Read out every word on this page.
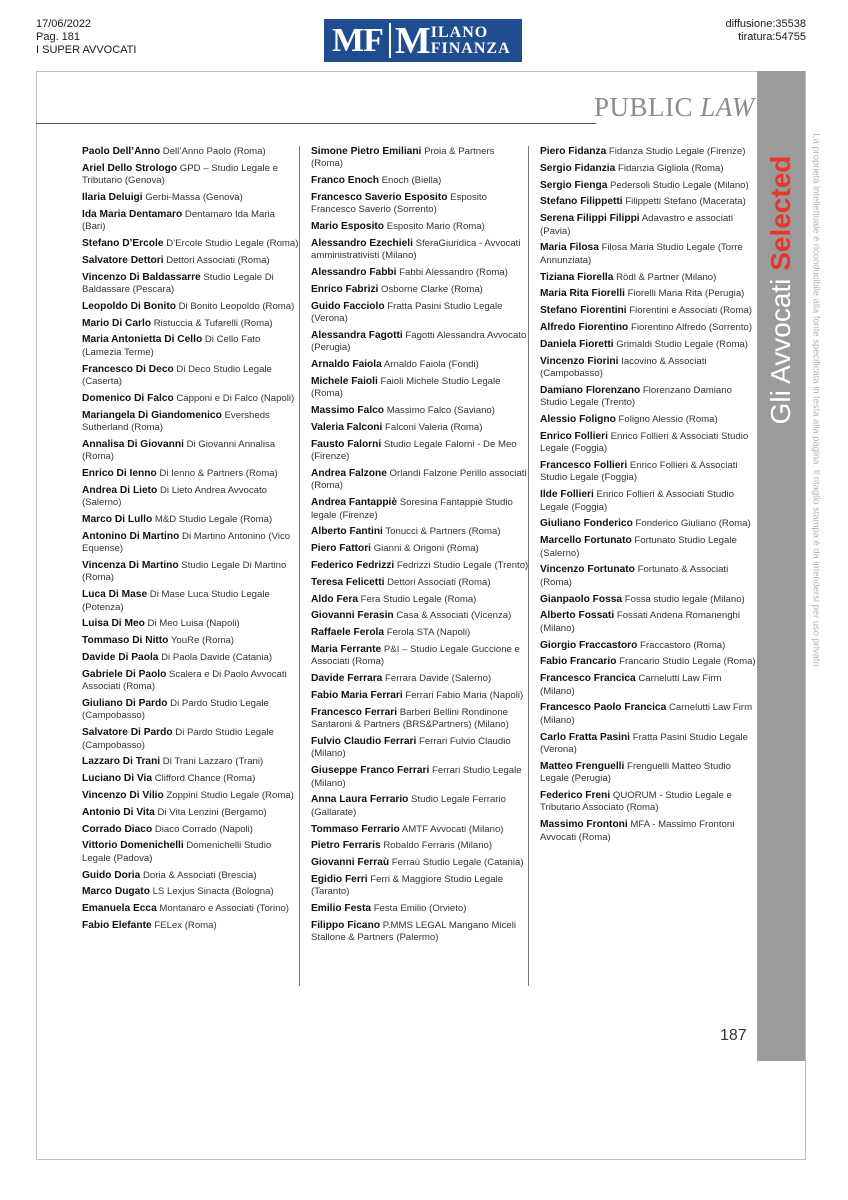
17/06/2022
Pag. 181
I SUPER AVVOCATI	MF M ILANO
FINANZA
diffusione:35538
tiratura:54755
PUBLIC LAW
Gli Avvocati Selected La proprietà intellettuale è riconducibile alla fonte specificata in testa alla pagina. Il ritaglio stampa è da intendersi per uso privato
Paolo Dell’Anno Dell’Anno Paolo (Roma)
Ariel Dello Strologo GPD – Studio Legale e Tributario (Genova)
Ilaria Deluigi Gerbi-Massa (Genova)
Ida Maria Dentamaro Dentamaro Ida Maria (Bari)
Stefano D’Ercole D’Ercole Studio Legale (Roma)
Salvatore Dettori Dettori Associati (Roma)
Vincenzo Di Baldassarre Studio Legale Di Baldassare (Pescara)
Leopoldo Di Bonito Di Bonito Leopoldo (Roma)
Mario Di Carlo Ristuccia & Tufarelli (Roma)
Maria Antonietta Di Cello Di Cello Fato (Lamezia Terme)
Francesco Di Deco Di Deco Studio Legale (Caserta)
Domenico Di Falco Capponi e Di Falco (Napoli)
Mariangela Di Giandomenico Eversheds Sutherland (Roma)
Annalisa Di Giovanni Di Giovanni Annalisa (Roma)
Enrico Di Ienno Di Ienno & Partners (Roma)
Andrea Di Lieto Di Lieto Andrea Avvocato (Salerno)
Marco Di Lullo M&D Studio Legale (Roma)
Antonino Di Martino Di Martino Antonino (Vico Equense)
Vincenza Di Martino Studio Legale Di Martino (Roma)
Luca Di Mase Di Mase Luca Studio Legale (Potenza)
Luisa Di Meo Di Meo Luisa (Napoli)
Tommaso Di Nitto YouRe (Roma)
Davide Di Paola Di Paola Davide (Catania)
Gabriele Di Paolo Scalera e Di Paolo Avvocati Associati (Roma)
Giuliano Di Pardo Di Pardo Studio Legale (Campobasso)
Salvatore Di Pardo Di Pardo Studio Legale (Campobasso)
Lazzaro Di Trani Di Trani Lazzaro (Trani)
Luciano Di Via Clifford Chance (Roma)
Vincenzo Di Vilio Zoppini Studio Legale (Roma)
Antonio Di Vita Di Vita Lenzini (Bergamo)
Corrado Diaco Diaco Corrado (Napoli)
Vittorio Domenichelli Domenichelli Studio Legale (Padova)
Guido Doria Doria & Associati (Brescia)
Marco Dugato LS Lexjus Sinacta (Bologna)
Emanuela Ecca Montanaro e Associati (Torino)
Fabio Elefante FELex (Roma)
Simone Pietro Emiliani Proia & Partners (Roma)
Franco Enoch Enoch (Biella)
Francesco Saverio Esposito Esposito Francesco Saverio (Sorrento)
Mario Esposito Esposito Mario (Roma)
Alessandro Ezechieli SferaGiuridica - Avvocati amministrativisti (Milano)
Alessandro Fabbi Fabbi Alessandro (Roma)
Enrico Fabrizi Osborne Clarke (Roma)
Guido Facciolo Fratta Pasini Studio Legale (Verona)
Alessandra Fagotti Fagotti Alessandra Avvocato (Perugia)
Arnaldo Faiola Arnaldo Faiola (Fondi)
Michele Faioli Faioli Michele Studio Legale (Roma)
Massimo Falco Massimo Falco (Saviano)
Valeria Falconi Falconi Valeria (Roma)
Fausto Falorni Studio Legale Falorni - De Meo (Firenze)
Andrea Falzone Orlandi Falzone Perillo associati (Roma)
Andrea Fantappiè Soresina Fantappiè Studio legale (Firenze)
Alberto Fantini Tonucci & Partners (Roma)
Piero Fattori Gianni & Origoni (Roma)
Federico Fedrizzi Fedrizzi Studio Legale (Trento)
Teresa Felicetti Dettori Associati (Roma)
Aldo Fera Fera Studio Legale (Roma)
Giovanni Ferasin Casa & Associati (Vicenza)
Raffaele Ferola Ferola STA (Napoli)
Maria Ferrante P&I – Studio Legale Guccione e Associati (Roma)
Davide Ferrara Ferrara Davide (Salerno)
Fabio Maria Ferrari Ferrari Fabio Maria (Napoli)
Francesco Ferrari Barberi Bellini Rondinone Santaroni & Partners (BRS&Partners) (Milano)
Fulvio Claudio Ferrari Ferrari Fulvio Claudio (Milano)
Giuseppe Franco Ferrari Ferrari Studio Legale (Milano)
Anna Laura Ferrario Studio Legale Ferrario (Gallarate)
Tommaso Ferrario AMTF Avvocati (Milano)
Pietro Ferraris Robaldo Ferraris (Milano)
Giovanni Ferraù Ferraù Studio Legale (Catania)
Egidio Ferri Ferri & Maggiore Studio Legale (Taranto)
Emilio Festa Festa Emilio (Orvieto)
Filippo Ficano P.MMS LEGAL Mangano Miceli Stallone & Partners (Palermo)
Piero Fidanza Fidanza Studio Legale (Firenze)
Sergio Fidanzia Fidanzia Gigliola (Roma)
Sergio Fienga Pedersoli Studio Legale (Milano)
Stefano Filippetti Filippetti Stefano (Macerata)
Serena Filippi Filippi Adavastro e associati (Pavia)
Maria Filosa Filosa Maria Studio Legale (Torre Annunziata)
Tiziana Fiorella Rödl & Partner (Milano)
Maria Rita Fiorelli Fiorelli Maria Rita (Perugia)
Stefano Fiorentini Fiorentini e Associati (Roma)
Alfredo Fiorentino Fiorentino Alfredo (Sorrento)
Daniela Fioretti Grimaldi Studio Legale (Roma)
Vincenzo Fiorini Iacovino & Associati (Campobasso)
Damiano Florenzano Florenzano Damiano Studio Legale (Trento)
Alessio Foligno Foligno Alessio (Roma)
Enrico Follieri Enrico Follieri & Associati Studio Legale (Foggia)
Francesco Follieri Enrico Follieri & Associati Studio Legale (Foggia)
Ilde Follieri Enrico Follieri & Associati Studio Legale (Foggia)
Giuliano Fonderico Fonderico Giuliano (Roma)
Marcello Fortunato Fortunato Studio Legale (Salerno)
Vincenzo Fortunato Fortunato & Associati (Roma)
Gianpaolo Fossa Fossa studio legale (Milano)
Alberto Fossati Fossati Andena Romanenghi (Milano)
Giorgio Fraccastoro Fraccastoro (Roma)
Fabio Francario Francario Studio Legale (Roma)
Francesco Francica Carnelutti Law Firm (Milano)
Francesco Paolo Francica Carnelutti Law Firm (Milano)
Carlo Fratta Pasini Fratta Pasini Studio Legale (Verona)
Matteo Frenguelli Frenguelli Matteo Studio Legale (Perugia)
Federico Freni QUORUM - Studio Legale e Tributario Associato (Roma)
Massimo Frontoni MFA - Massimo Frontoni Avvocati (Roma)
187
